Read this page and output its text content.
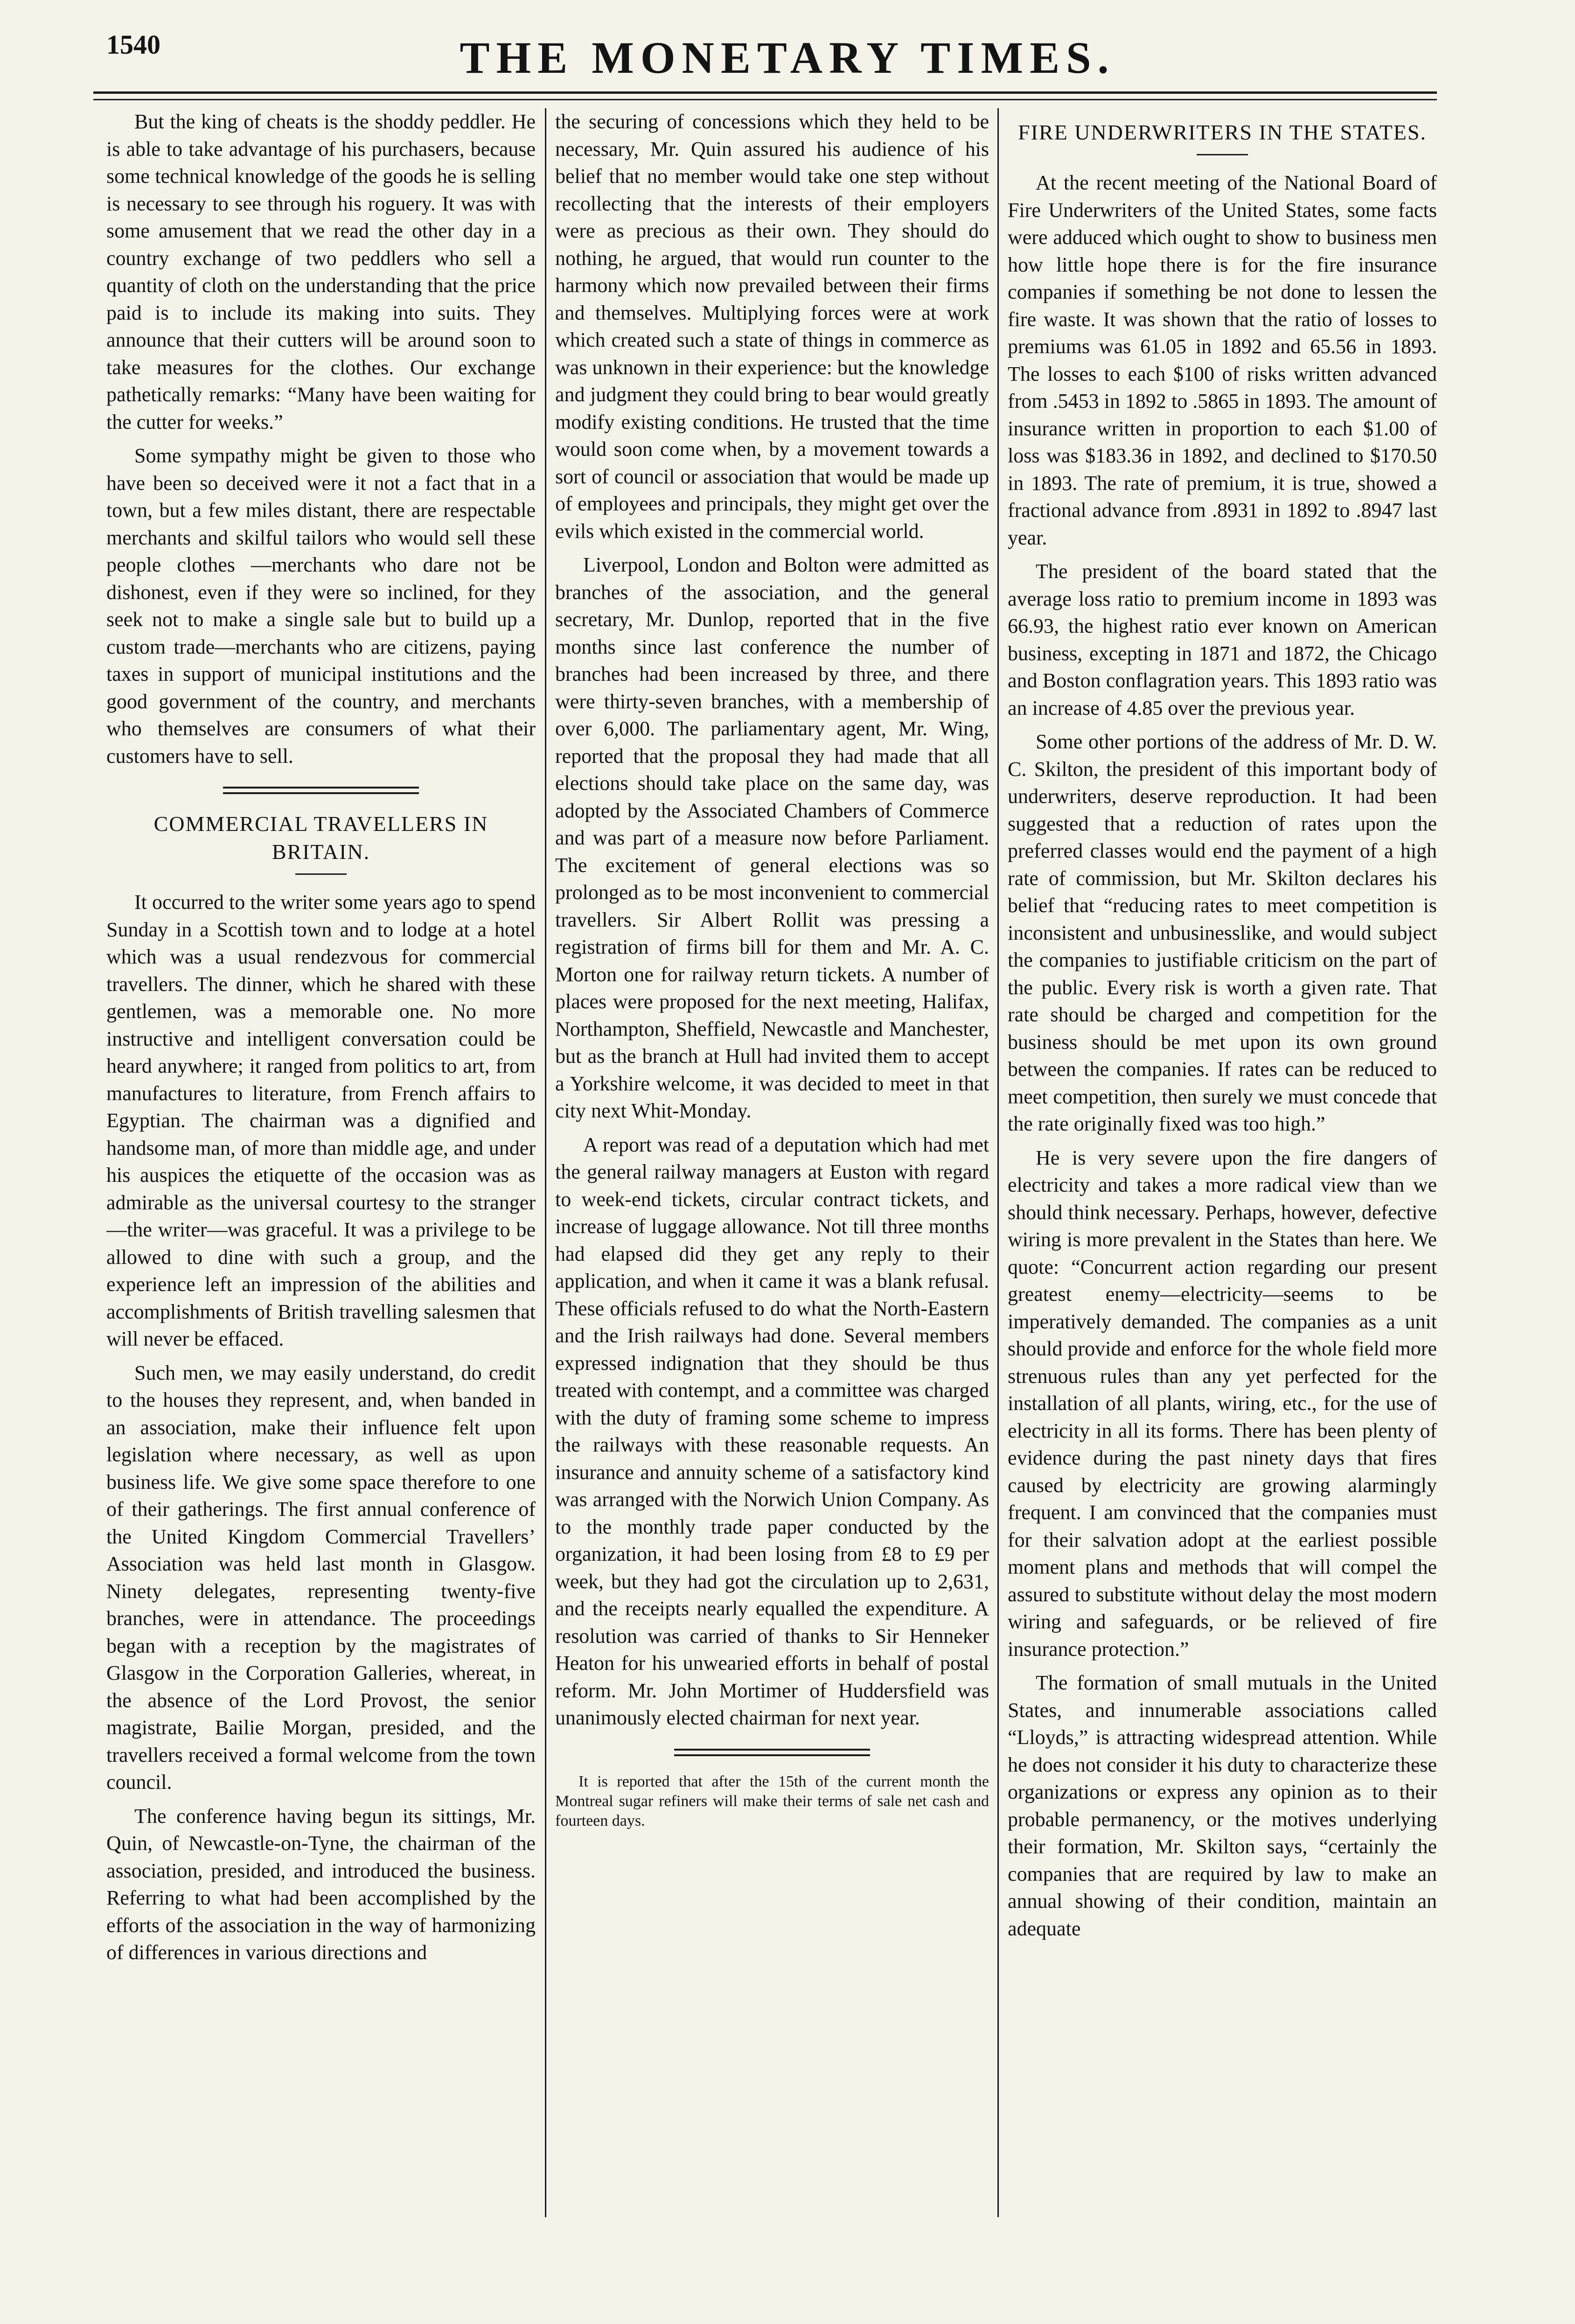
1540	THE MONETARY TIMES.

But the king of cheats is the shoddy peddler. He is able to take advantage of his purchasers, because some technical knowledge of the goods he is selling is necessary to see through his roguery. It was with some amusement that we read the other day in a country exchange of two peddlers who sell a quantity of cloth on the understanding that the price paid is to include its making into suits. They announce that their cutters will be around soon to take measures for the clothes. Our exchange pathetically remarks: “Many have been waiting for the cutter for weeks.”

Some sympathy might be given to those who have been so deceived were it not a fact that in a town, but a few miles distant, there are respectable merchants and skilful tailors who would sell these people clothes —merchants who dare not be dishonest, even if they were so inclined, for they seek not to make a single sale but to build up a custom trade—merchants who are citizens, paying taxes in support of municipal institutions and the good government of the country, and merchants who themselves are consumers of what their customers have to sell.

COMMERCIAL TRAVELLERS IN BRITAIN.

It occurred to the writer some years ago to spend Sunday in a Scottish town and to lodge at a hotel which was a usual rendezvous for commercial travellers. The dinner, which he shared with these gentlemen, was a memorable one. No more instructive and intelligent conversation could be heard anywhere; it ranged from politics to art, from manufactures to literature, from French affairs to Egyptian. The chairman was a dignified and handsome man, of more than middle age, and under his auspices the etiquette of the occasion was as admirable as the universal courtesy to the stranger—the writer—was graceful. It was a privilege to be allowed to dine with such a group, and the experience left an impression of the abilities and accomplishments of British travelling salesmen that will never be effaced.

Such men, we may easily understand, do credit to the houses they represent, and, when banded in an association, make their influence felt upon legislation where necessary, as well as upon business life. We give some space therefore to one of their gatherings. The first annual conference of the United Kingdom Commercial Travellers’ Association was held last month in Glasgow. Ninety delegates, representing twenty-five branches, were in attendance. The proceedings began with a reception by the magistrates of Glasgow in the Corporation Galleries, whereat, in the absence of the Lord Provost, the senior magistrate, Bailie Morgan, presided, and the travellers received a formal welcome from the town council.

The conference having begun its sittings, Mr. Quin, of Newcastle-on-Tyne, the chairman of the association, presided, and introduced the business. Referring to what had been accomplished by the efforts of the association in the way of harmonizing of differences in various directions and

the securing of concessions which they held to be necessary, Mr. Quin assured his audience of his belief that no member would take one step without recollecting that the interests of their employers were as precious as their own. They should do nothing, he argued, that would run counter to the harmony which now prevailed between their firms and themselves. Multiplying forces were at work which created such a state of things in commerce as was unknown in their experience: but the knowledge and judgment they could bring to bear would greatly modify existing conditions. He trusted that the time would soon come when, by a movement towards a sort of council or association that would be made up of employees and principals, they might get over the evils which existed in the commercial world.

Liverpool, London and Bolton were admitted as branches of the association, and the general secretary, Mr. Dunlop, reported that in the five months since last conference the number of branches had been increased by three, and there were thirty-seven branches, with a membership of over 6,000. The parliamentary agent, Mr. Wing, reported that the proposal they had made that all elections should take place on the same day, was adopted by the Associated Chambers of Commerce and was part of a measure now before Parliament. The excitement of general elections was so prolonged as to be most inconvenient to commercial travellers. Sir Albert Rollit was pressing a registration of firms bill for them and Mr. A. C. Morton one for railway return tickets. A number of places were proposed for the next meeting, Halifax, Northampton, Sheffield, Newcastle and Manchester, but as the branch at Hull had invited them to accept a Yorkshire welcome, it was decided to meet in that city next Whit-Monday.

A report was read of a deputation which had met the general railway managers at Euston with regard to week-end tickets, circular contract tickets, and increase of luggage allowance. Not till three months had elapsed did they get any reply to their application, and when it came it was a blank refusal. These officials refused to do what the North-Eastern and the Irish railways had done. Several members expressed indignation that they should be thus treated with contempt, and a committee was charged with the duty of framing some scheme to impress the railways with these reasonable requests. An insurance and annuity scheme of a satisfactory kind was arranged with the Norwich Union Company. As to the monthly trade paper conducted by the organization, it had been losing from £8 to £9 per week, but they had got the circulation up to 2,631, and the receipts nearly equalled the expenditure. A resolution was carried of thanks to Sir Henneker Heaton for his unwearied efforts in behalf of postal reform. Mr. John Mortimer of Huddersfield was unanimously elected chairman for next year.

It is reported that after the 15th of the current month the Montreal sugar refiners will make their terms of sale net cash and fourteen days.

FIRE UNDERWRITERS IN THE STATES.

At the recent meeting of the National Board of Fire Underwriters of the United States, some facts were adduced which ought to show to business men how little hope there is for the fire insurance companies if something be not done to lessen the fire waste. It was shown that the ratio of losses to premiums was 61.05 in 1892 and 65.56 in 1893. The losses to each $100 of risks written advanced from .5453 in 1892 to .5865 in 1893. The amount of insurance written in proportion to each $1.00 of loss was $183.36 in 1892, and declined to $170.50 in 1893. The rate of premium, it is true, showed a fractional advance from .8931 in 1892 to .8947 last year.

The president of the board stated that the average loss ratio to premium income in 1893 was 66.93, the highest ratio ever known on American business, excepting in 1871 and 1872, the Chicago and Boston conflagration years. This 1893 ratio was an increase of 4.85 over the previous year.

Some other portions of the address of Mr. D. W. C. Skilton, the president of this important body of underwriters, deserve reproduction. It had been suggested that a reduction of rates upon the preferred classes would end the payment of a high rate of commission, but Mr. Skilton declares his belief that “reducing rates to meet competition is inconsistent and unbusinesslike, and would subject the companies to justifiable criticism on the part of the public. Every risk is worth a given rate. That rate should be charged and competition for the business should be met upon its own ground between the companies. If rates can be reduced to meet competition, then surely we must concede that the rate originally fixed was too high.”

He is very severe upon the fire dangers of electricity and takes a more radical view than we should think necessary. Perhaps, however, defective wiring is more prevalent in the States than here. We quote: “Concurrent action regarding our present greatest enemy—electricity—seems to be imperatively demanded. The companies as a unit should provide and enforce for the whole field more strenuous rules than any yet perfected for the installation of all plants, wiring, etc., for the use of electricity in all its forms. There has been plenty of evidence during the past ninety days that fires caused by electricity are growing alarmingly frequent. I am convinced that the companies must for their salvation adopt at the earliest possible moment plans and methods that will compel the assured to substitute without delay the most modern wiring and safeguards, or be relieved of fire insurance protection.”

The formation of small mutuals in the United States, and innumerable associations called “Lloyds,” is attracting widespread attention. While he does not consider it his duty to characterize these organizations or express any opinion as to their probable permanency, or the motives underlying their formation, Mr. Skilton says, “certainly the companies that are required by law to make an annual showing of their condition, maintain an adequate
